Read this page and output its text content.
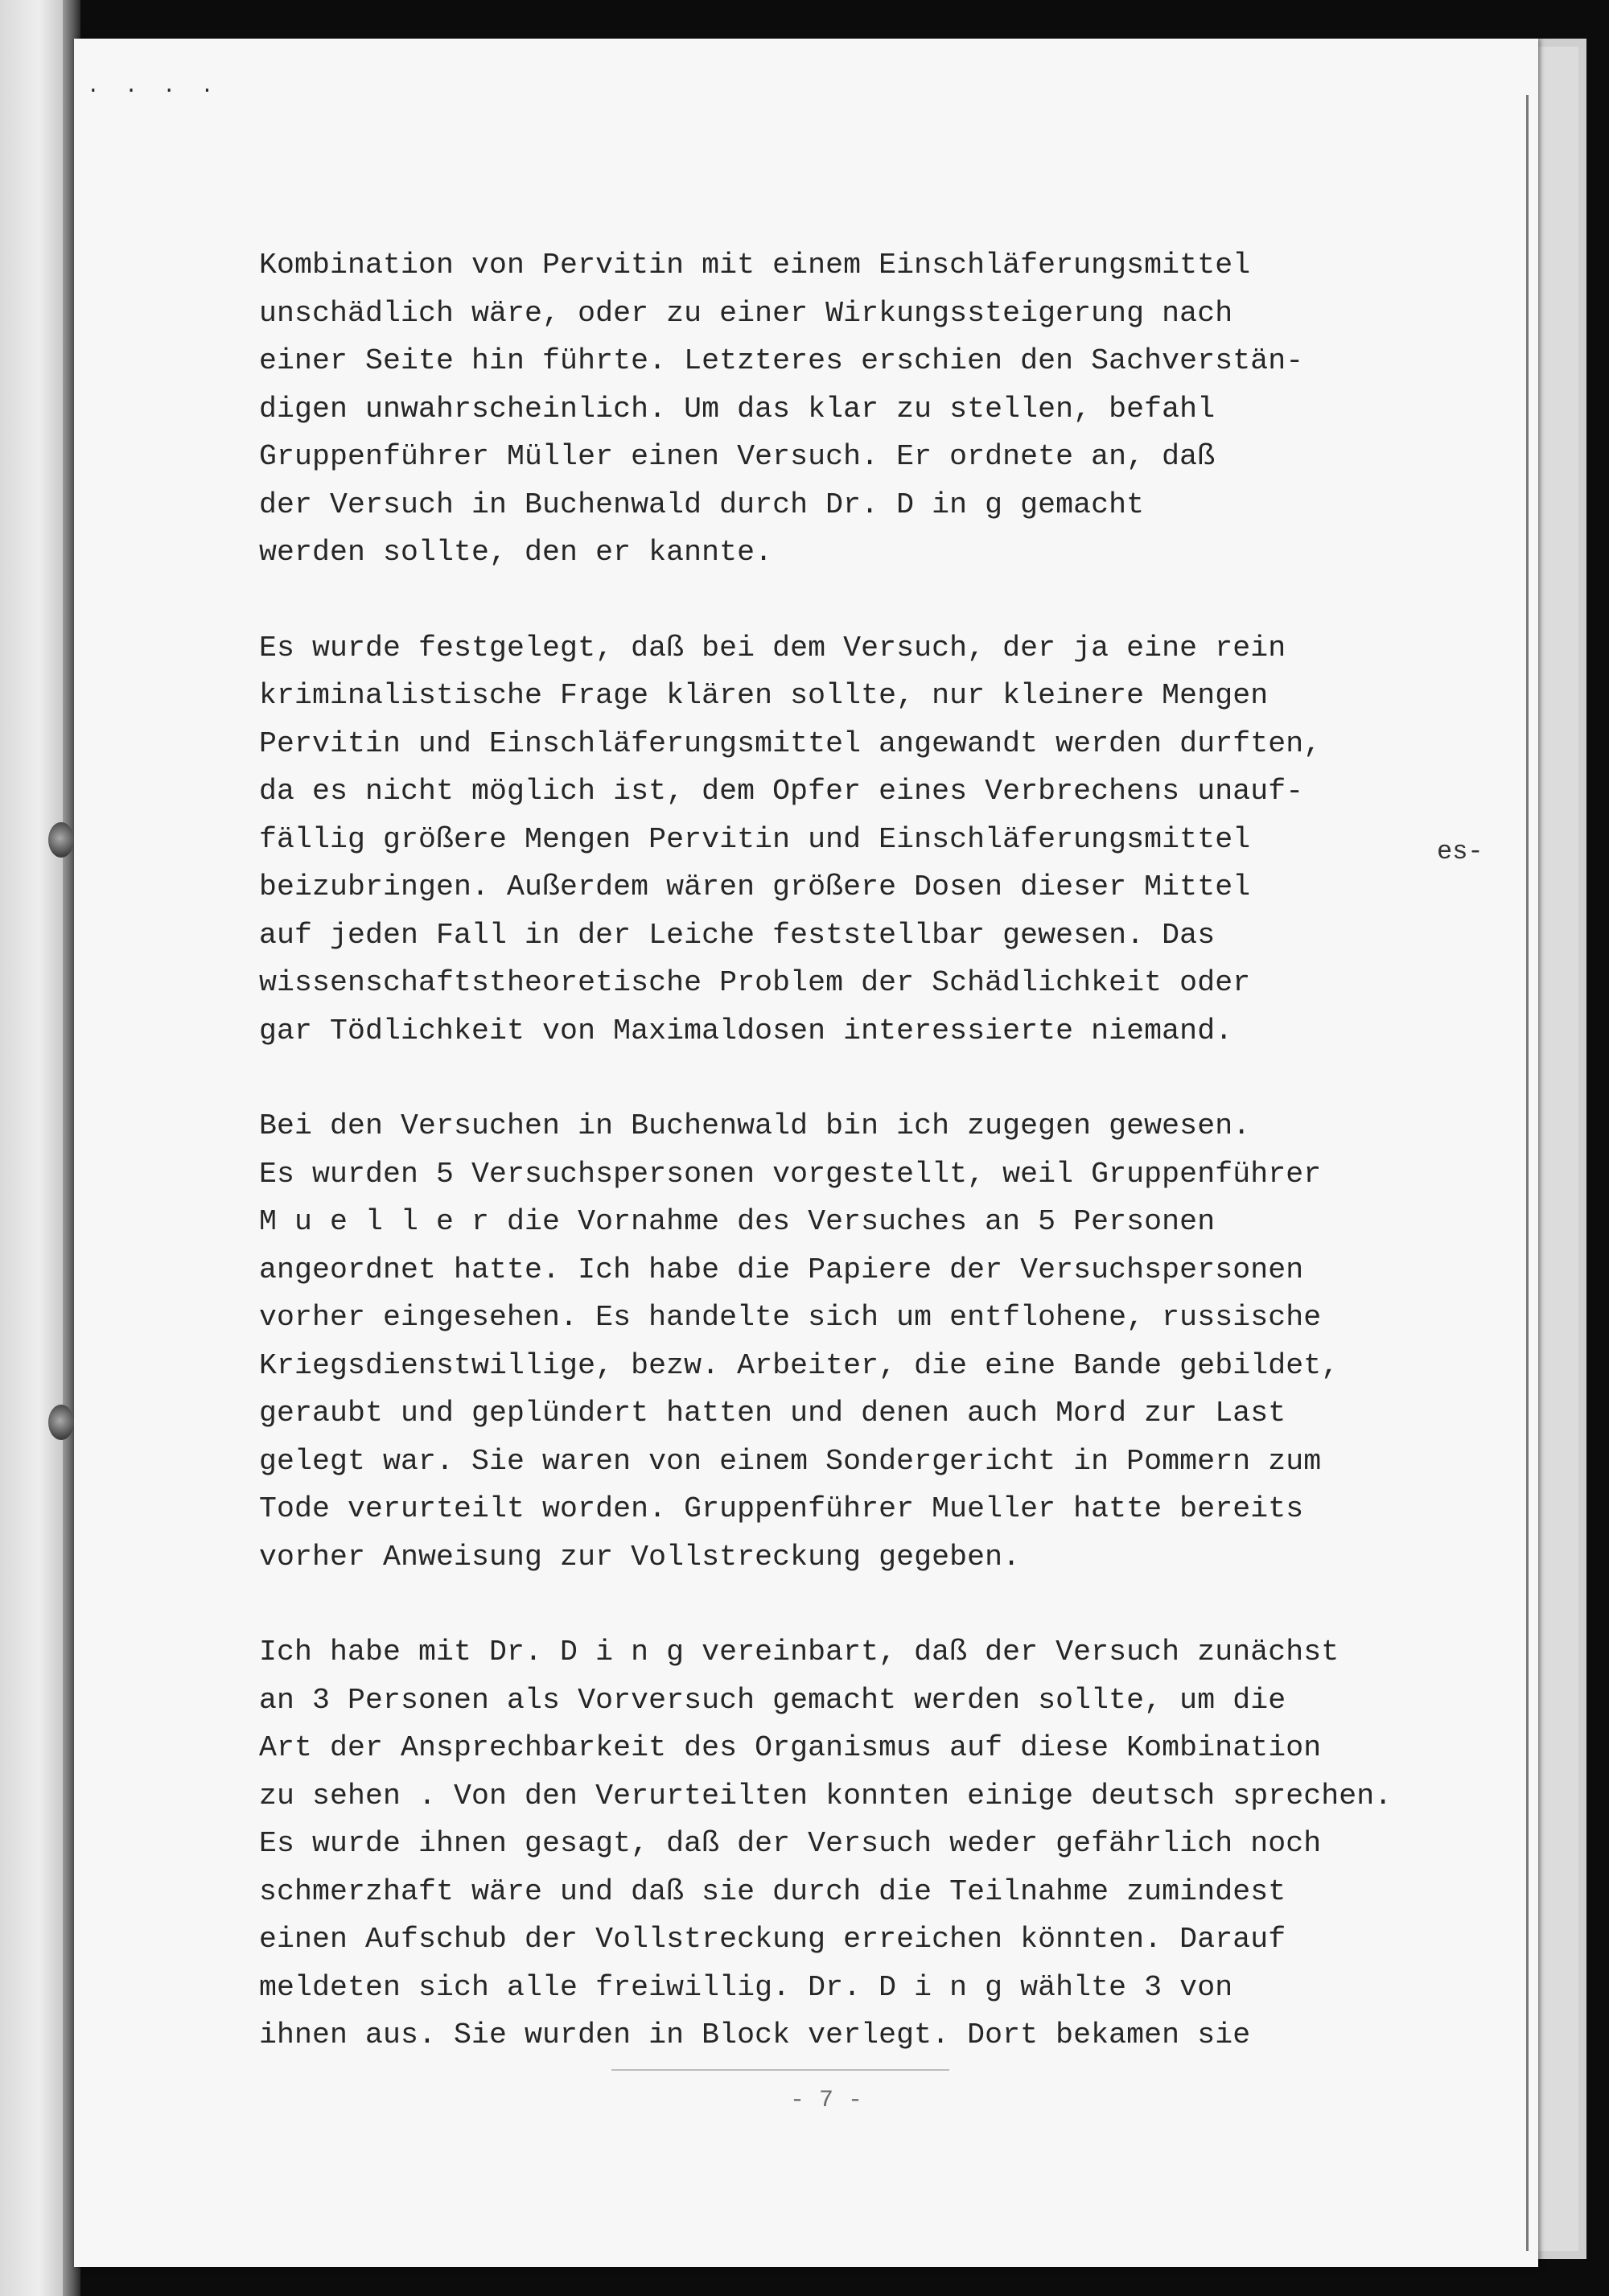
. . . .

Kombination von Pervitin mit einem Einschläferungsmittel
unschädlich wäre, oder zu einer Wirkungssteigerung nach
einer Seite hin führte. Letzteres erschien den Sachverstän-
digen unwahrscheinlich. Um das klar zu stellen, befahl
Gruppenführer Müller einen Versuch. Er ordnete an, daß
der Versuch in Buchenwald durch Dr. D in g gemacht
werden sollte, den er kannte.

Es wurde festgelegt, daß bei dem Versuch, der ja eine rein
kriminalistische Frage klären sollte, nur kleinere Mengen
Pervitin und Einschläferungsmittel angewandt werden durften,
da es nicht möglich ist, dem Opfer eines Verbrechens unauf-
fällig größere Mengen Pervitin und Einschläferungsmittel
beizubringen. Außerdem wären größere Dosen dieser Mittel
auf jeden Fall in der Leiche feststellbar gewesen. Das
wissenschaftstheoretische Problem der Schädlichkeit oder
gar Tödlichkeit von Maximaldosen interessierte niemand.

Bei den Versuchen in Buchenwald bin ich zugegen gewesen.
Es wurden 5 Versuchspersonen vorgestellt, weil Gruppenführer
M u e l l e r die Vornahme des Versuches an 5 Personen
angeordnet hatte. Ich habe die Papiere der Versuchspersonen
vorher eingesehen. Es handelte sich um entflohene, russische
Kriegsdienstwillige, bezw. Arbeiter, die eine Bande gebildet,
geraubt und geplündert hatten und denen auch Mord zur Last
gelegt war. Sie waren von einem Sondergericht in Pommern zum
Tode verurteilt worden. Gruppenführer Mueller hatte bereits
vorher Anweisung zur Vollstreckung gegeben.

Ich habe mit Dr. D i n g vereinbart, daß der Versuch zunächst
an 3 Personen als Vorversuch gemacht werden sollte, um die
Art der Ansprechbarkeit des Organismus auf diese Kombination
zu sehen . Von den Verurteilten konnten einige deutsch sprechen.
Es wurde ihnen gesagt, daß der Versuch weder gefährlich noch
schmerzhaft wäre und daß sie durch die Teilnahme zumindest
einen Aufschub der Vollstreckung erreichen könnten. Darauf
meldeten sich alle freiwillig. Dr. D i n g wählte 3 von
ihnen aus. Sie wurden in Block verlegt. Dort bekamen sie

es-
- 7 -
